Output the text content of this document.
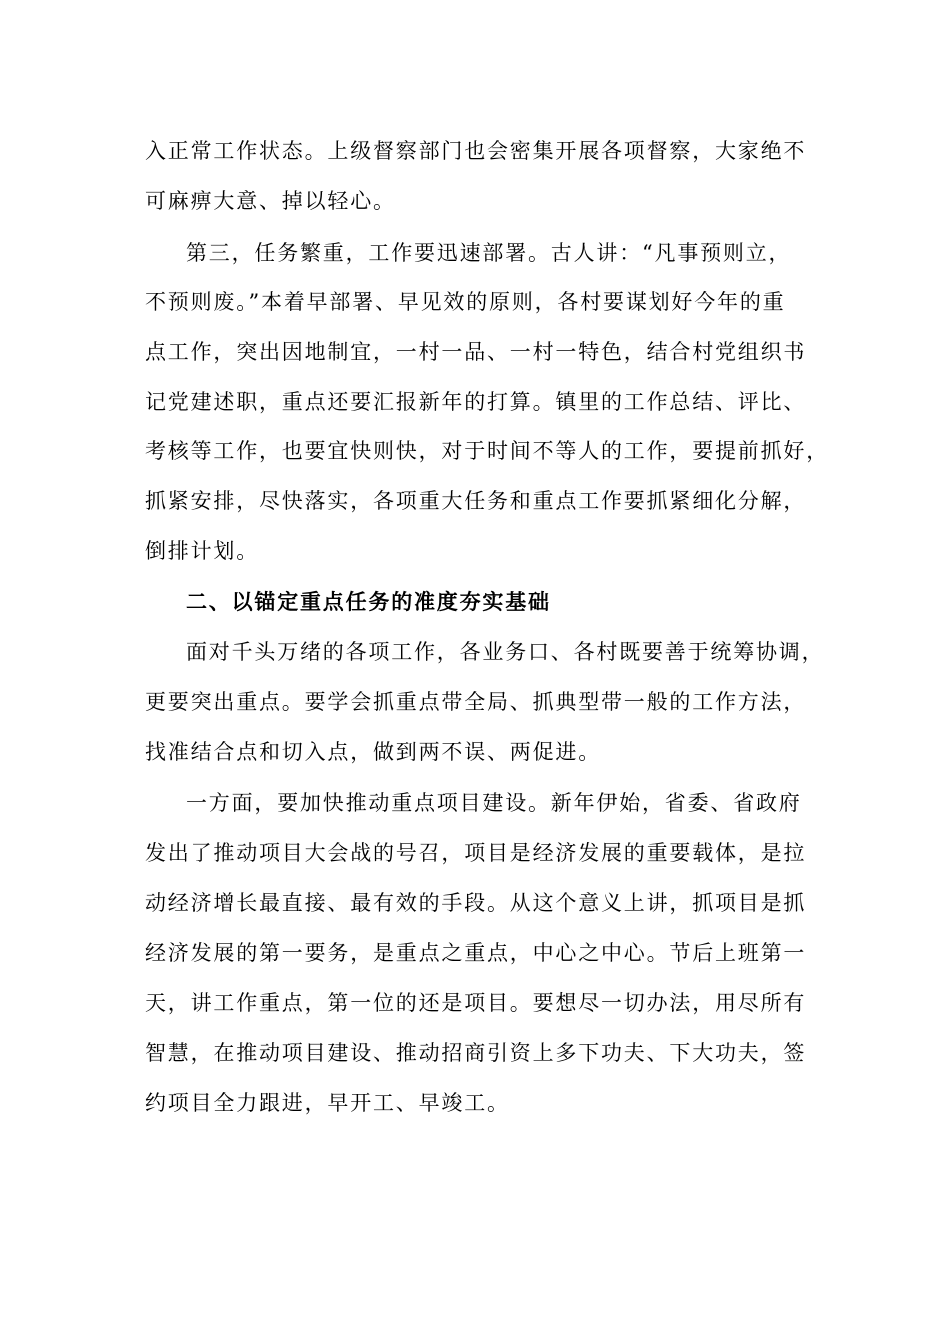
入正常工作状态。上级督察部门也会密集开展各项督察，大家绝不
可麻痹大意、掉以轻心。
第三，任务繁重，工作要迅速部署。古人讲：“凡事预则立，
不预则废。”本着早部署、早见效的原则，各村要谋划好今年的重
点工作，突出因地制宜，一村一品、一村一特色，结合村党组织书
记党建述职，重点还要汇报新年的打算。镇里的工作总结、评比、
考核等工作，也要宜快则快，对于时间不等人的工作，要提前抓好，
抓紧安排，尽快落实，各项重大任务和重点工作要抓紧细化分解，
倒排计划。
二、以锚定重点任务的准度夯实基础
面对千头万绪的各项工作，各业务口、各村既要善于统筹协调，
更要突出重点。要学会抓重点带全局、抓典型带一般的工作方法，
找准结合点和切入点，做到两不误、两促进。
一方面，要加快推动重点项目建设。新年伊始，省委、省政府
发出了推动项目大会战的号召，项目是经济发展的重要载体，是拉
动经济增长最直接、最有效的手段。从这个意义上讲，抓项目是抓
经济发展的第一要务，是重点之重点，中心之中心。节后上班第一
天，讲工作重点，第一位的还是项目。要想尽一切办法，用尽所有
智慧，在推动项目建设、推动招商引资上多下功夫、下大功夫，签
约项目全力跟进，早开工、早竣工。
